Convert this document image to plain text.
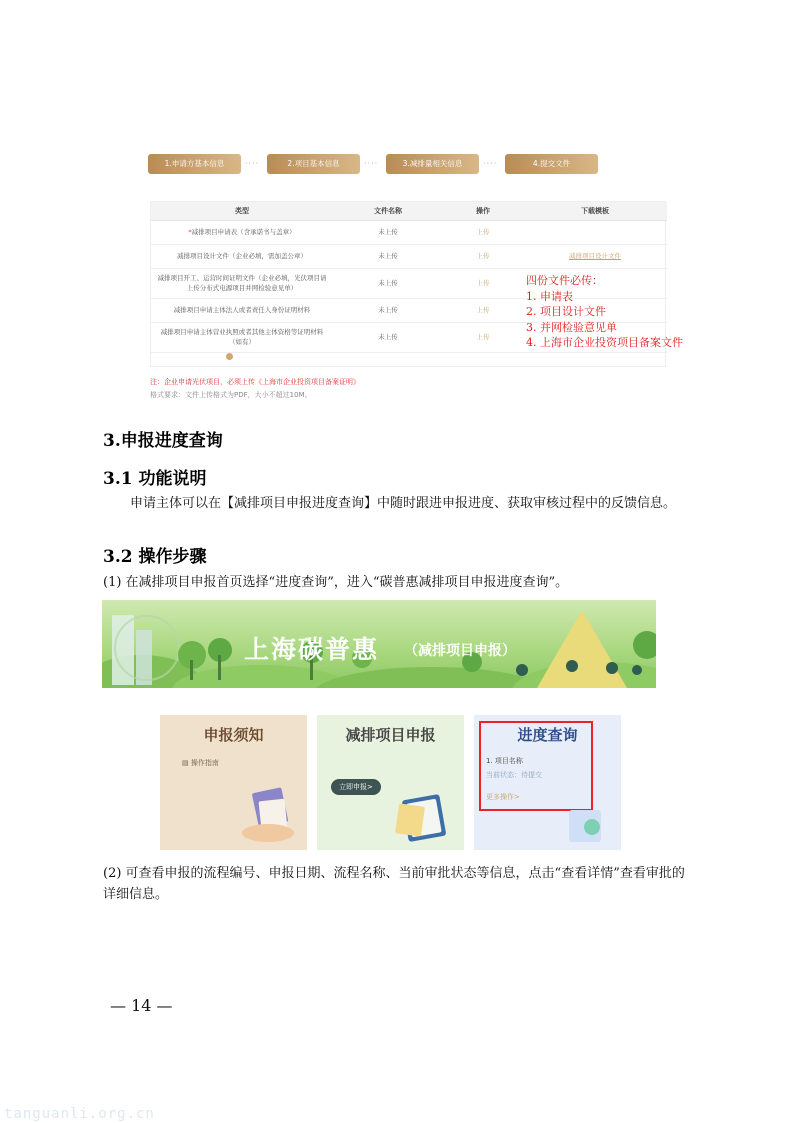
1.申请方基本信息	····	2.项目基本信息	····	3.减排量相关信息	····	4.提交文件
类型	文件名称	操作	下载模板
*减排项目申请表（含承诺书与盖章）	未上传	上传	
减排项目设计文件（企业必填，需加盖公章）	未上传	上传	减排项目设计文件
减排项目开工、运营时间证明文件（企业必填，光伏项目请上传分布式电源项目并网检验意见单）	未上传	上传	
减排项目申请主体法人或者责任人身份证明材料	未上传	上传	
减排项目申请主体营业执照或者其他主体资格等证明材料（如有）	未上传	上传	
注：企业申请光伏项目，必须上传《上海市企业投资项目备案证明》
格式要求：文件上传格式为PDF，大小不超过10M。
四份文件必传：
1. 申请表
2. 项目设计文件
3. 并网检验意见单
4. 上海市企业投资项目备案文件
3.申报进度查询
3.1 功能说明
申请主体可以在【减排项目申报进度查询】中随时跟进申报进度、获取审核过程中的反馈信息。
3.2 操作步骤
(1) 在减排项目申报首页选择“进度查询”，进入“碳普惠减排项目申报进度查询”。
上海碳普惠 （减排项目申报）
申报须知
▤ 操作指南
减排项目申报
立即申报>
进度查询
1. 项目名称
当前状态：待提交
更多操作>
(2) 可查看申报的流程编号、申报日期、流程名称、当前审批状态等信息，点击“查看详情”查看审批的详细信息。
— 14 —
tanguanli.org.cn
